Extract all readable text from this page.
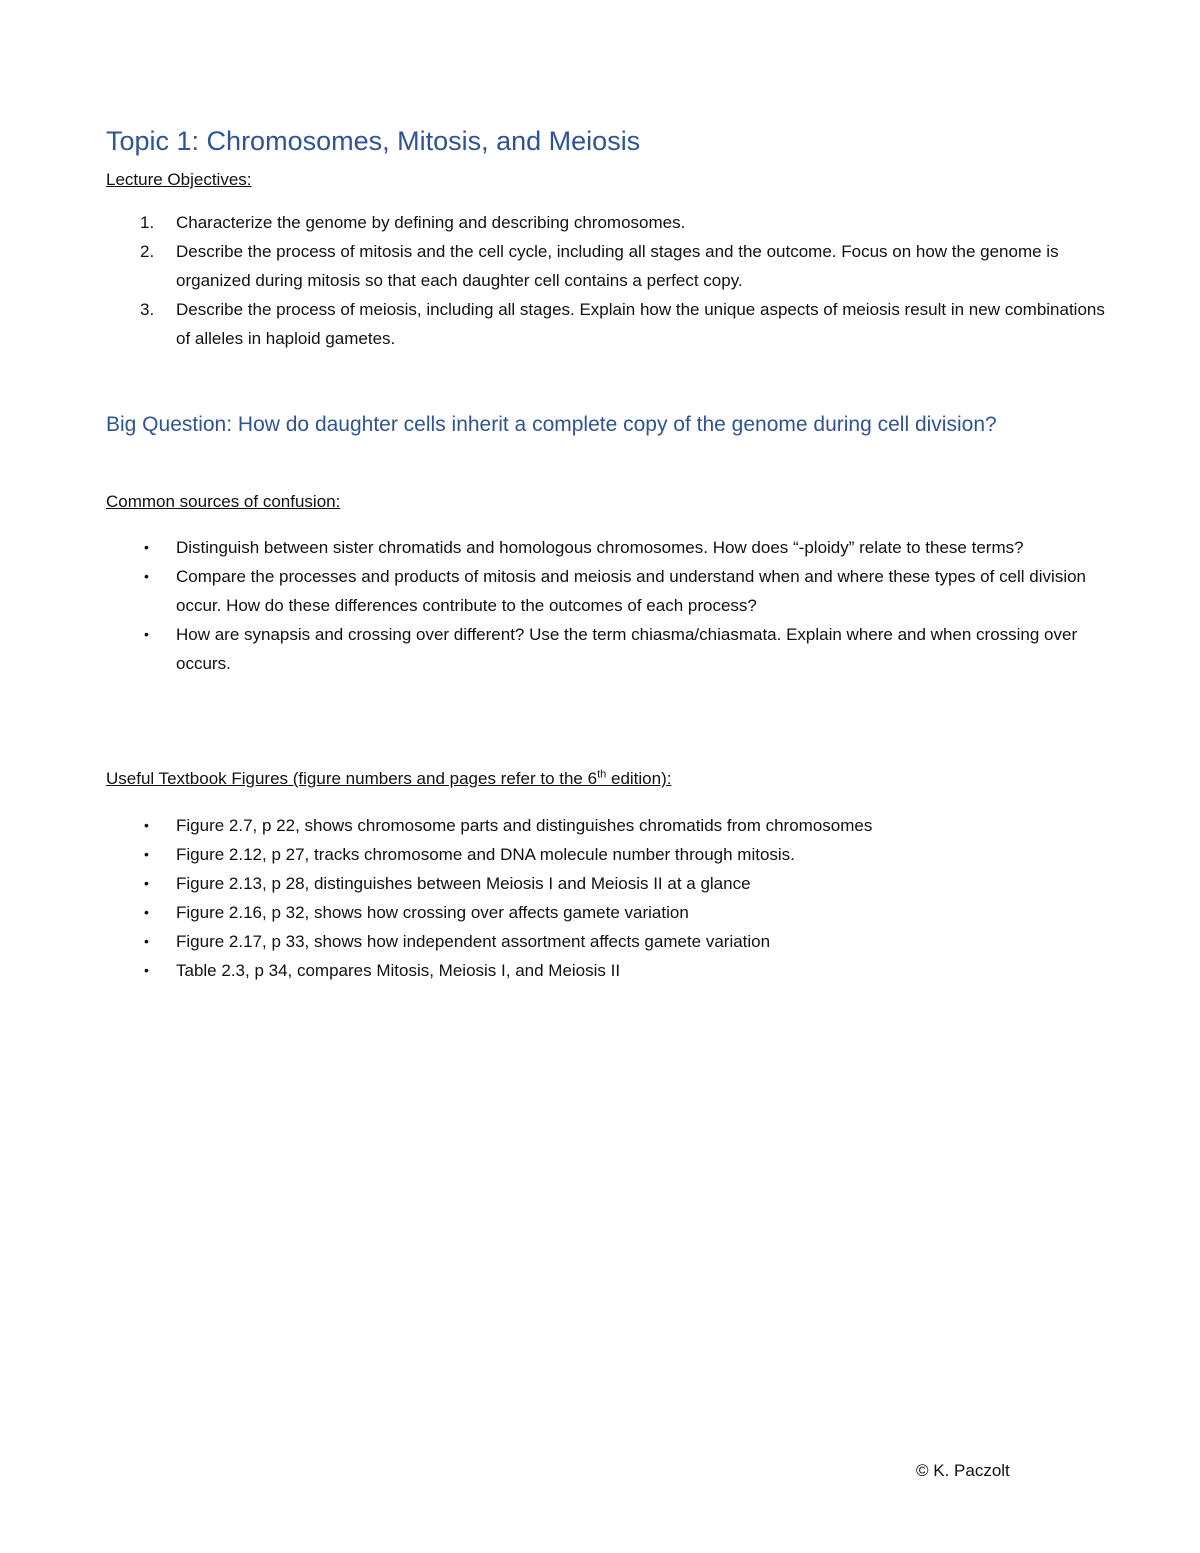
Topic 1: Chromosomes, Mitosis, and Meiosis

Lecture Objectives:

1. Characterize the genome by defining and describing chromosomes.
2. Describe the process of mitosis and the cell cycle, including all stages and the outcome. Focus on how the genome is organized during mitosis so that each daughter cell contains a perfect copy.
3. Describe the process of meiosis, including all stages. Explain how the unique aspects of meiosis result in new combinations of alleles in haploid gametes.

Big Question: How do daughter cells inherit a complete copy of the genome during cell division?

Common sources of confusion:

• Distinguish between sister chromatids and homologous chromosomes. How does “-ploidy” relate to these terms?
• Compare the processes and products of mitosis and meiosis and understand when and where these types of cell division occur. How do these differences contribute to the outcomes of each process?
• How are synapsis and crossing over different? Use the term chiasma/chiasmata. Explain where and when crossing over occurs.

Useful Textbook Figures (figure numbers and pages refer to the 6th edition):

• Figure 2.7, p 22, shows chromosome parts and distinguishes chromatids from chromosomes
• Figure 2.12, p 27, tracks chromosome and DNA molecule number through mitosis.
• Figure 2.13, p 28, distinguishes between Meiosis I and Meiosis II at a glance
• Figure 2.16, p 32, shows how crossing over affects gamete variation
• Figure 2.17, p 33, shows how independent assortment affects gamete variation
• Table 2.3, p 34, compares Mitosis, Meiosis I, and Meiosis II
© K. Paczolt
